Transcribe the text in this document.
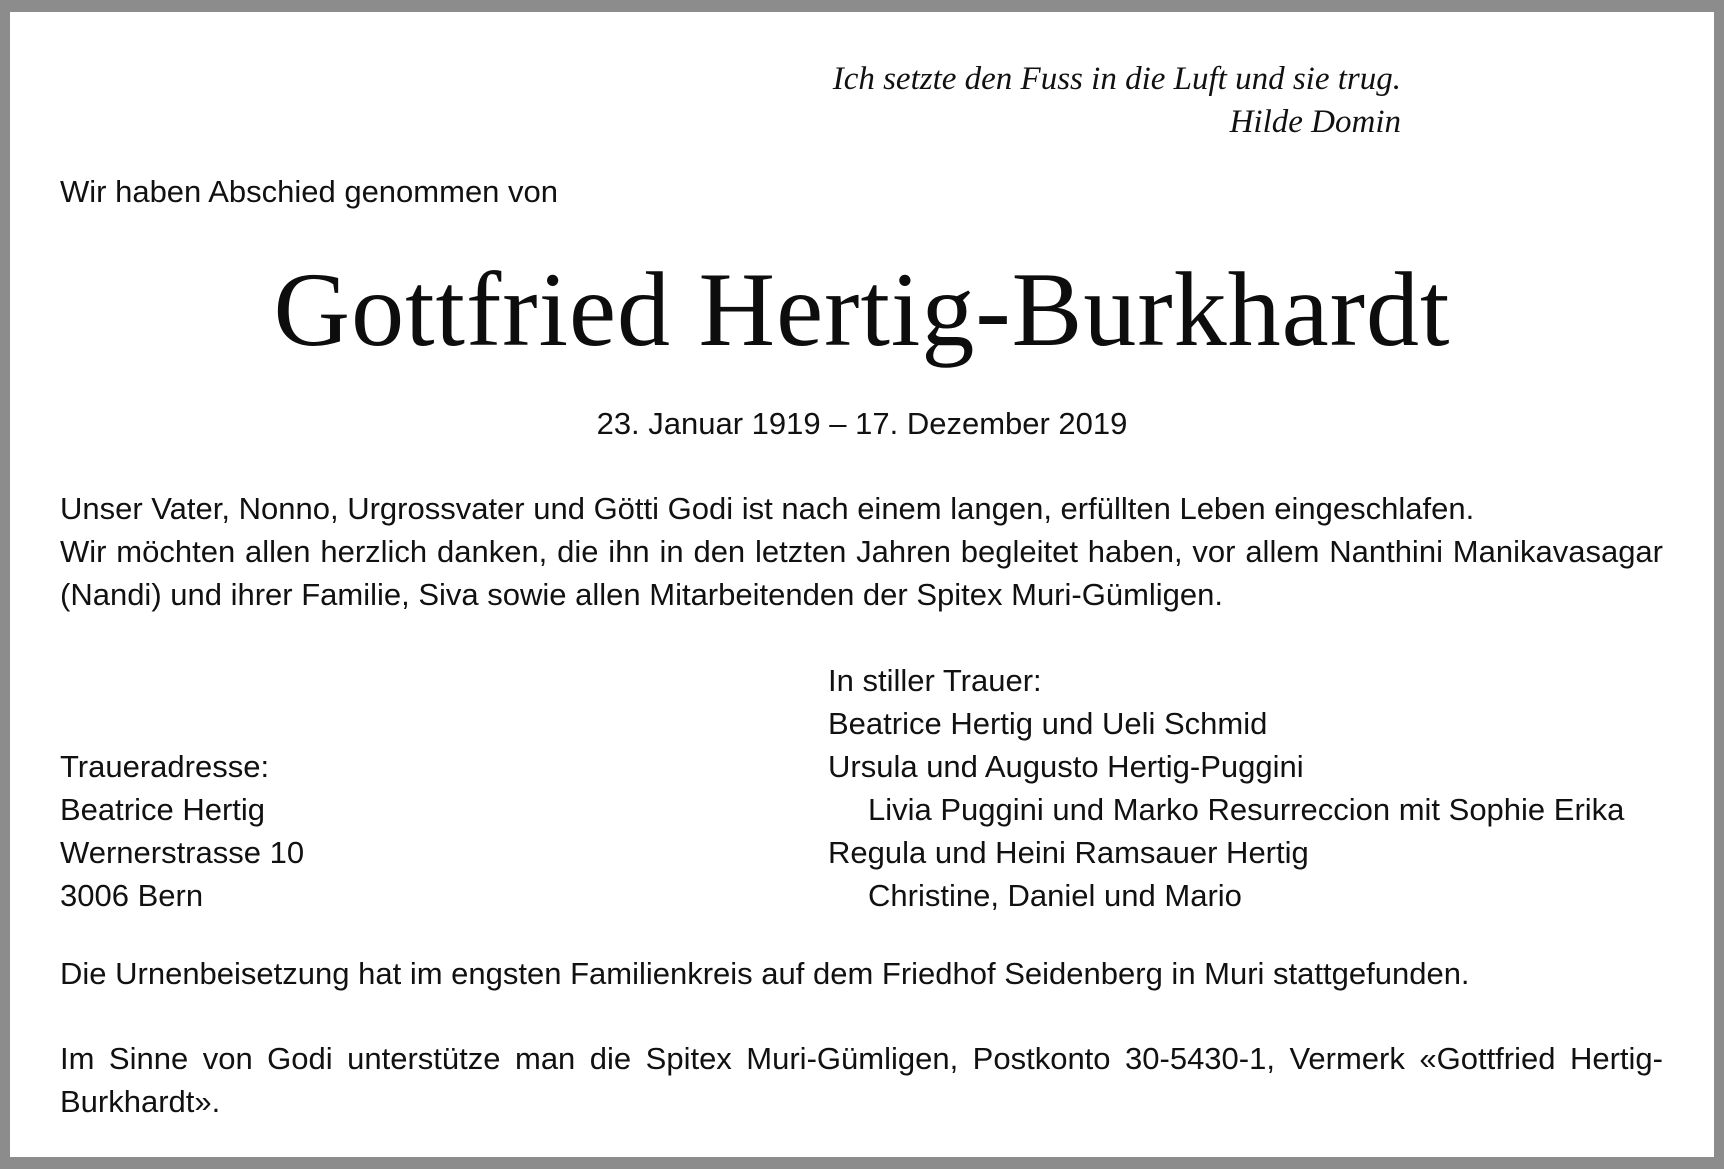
Ich setzte den Fuss in die Luft und sie trug.
Hilde Domin
Wir haben Abschied genommen von
Gottfried Hertig-Burkhardt
23. Januar 1919 – 17. Dezember 2019

Unser Vater, Nonno, Urgrossvater und Götti Godi ist nach einem langen, erfüllten Leben eingeschlafen.

Wir möchten allen herzlich danken, die ihn in den letzten Jahren begleitet haben, vor allem Nanthini Manikavasagar (Nandi) und ihrer Familie, Siva sowie allen Mitarbeitenden der Spitex Muri-Gümligen.

In stiller Trauer:
Beatrice Hertig und Ueli Schmid
Ursula und Augusto Hertig-Puggini
Livia Puggini und Marko Resurreccion mit Sophie Erika
Regula und Heini Ramsauer Hertig
Christine, Daniel und Mario
Traueradresse:
Beatrice Hertig
Wernerstrasse 10
3006 Bern
Die Urnenbeisetzung hat im engsten Familienkreis auf dem Friedhof Seidenberg in Muri stattgefunden.

Im Sinne von Godi unterstütze man die Spitex Muri-Gümligen, Postkonto 30-5430-1, Vermerk «Gottfried Hertig-Burkhardt».
